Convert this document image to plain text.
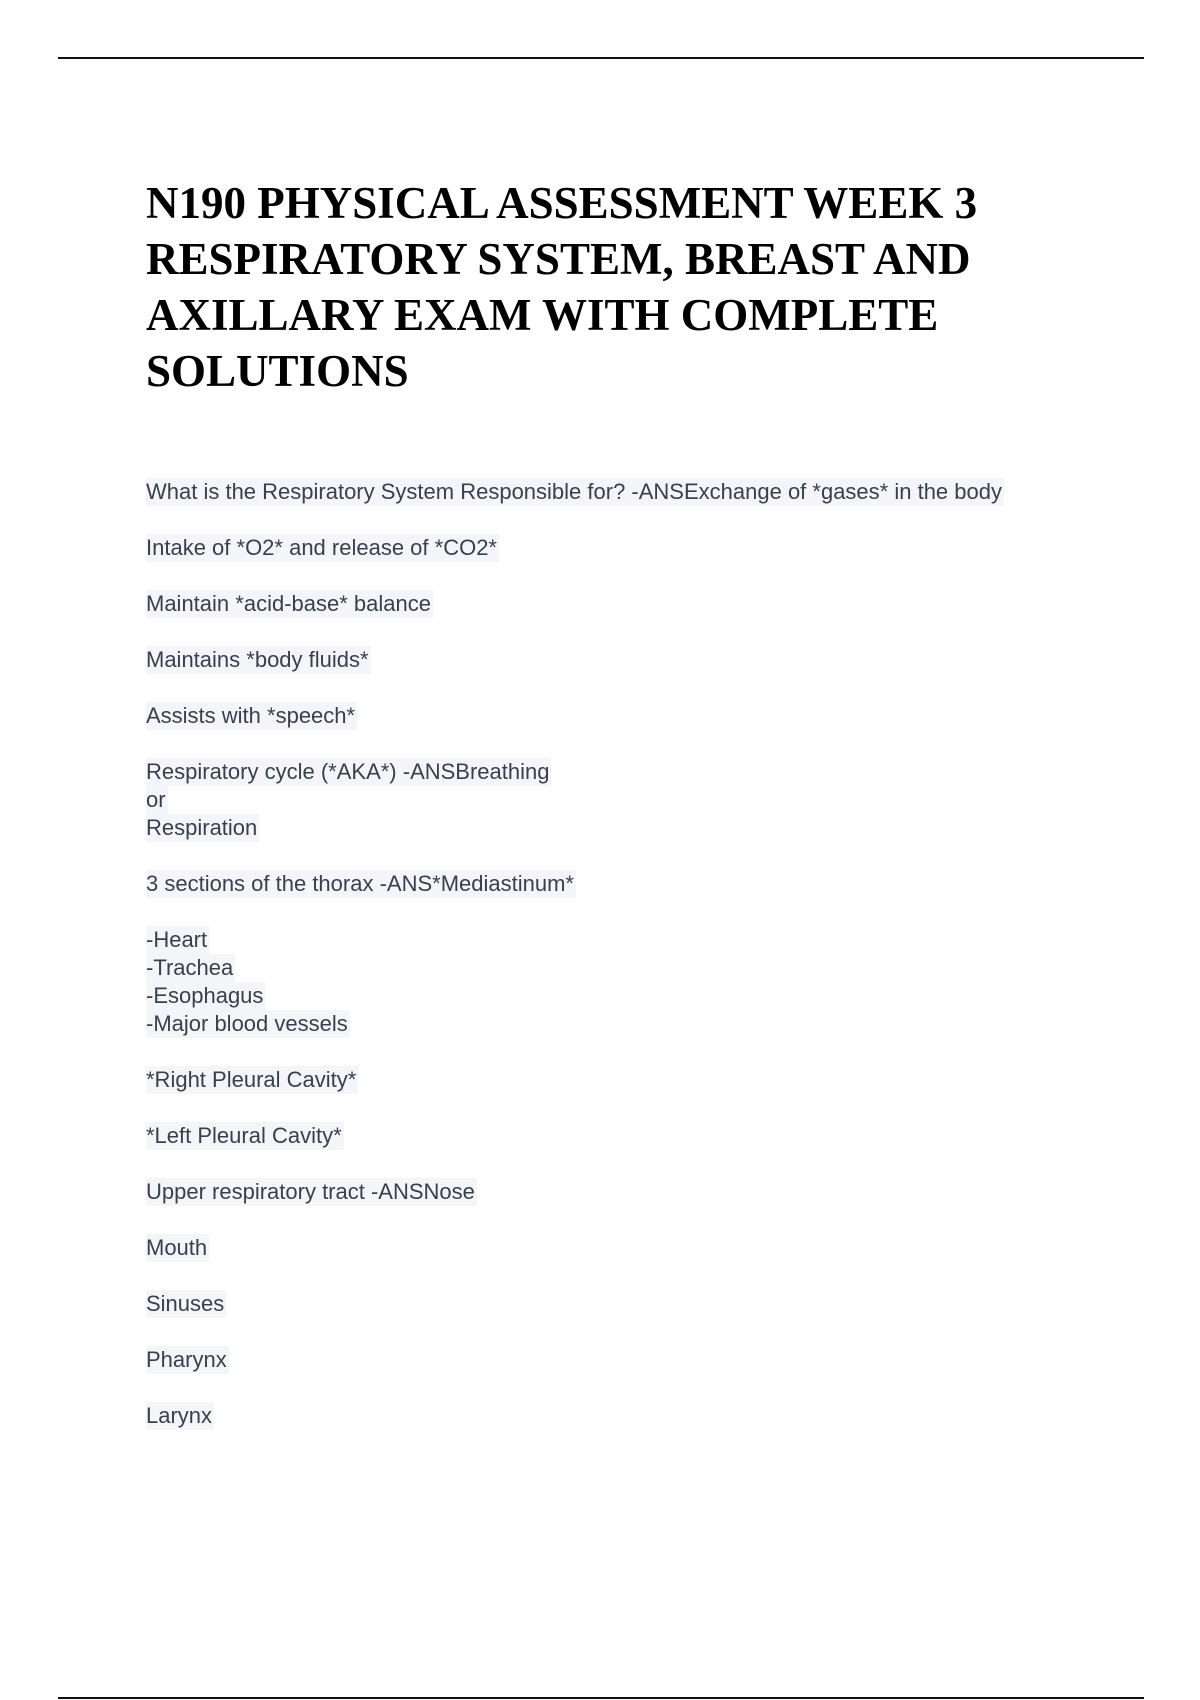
N190 PHYSICAL ASSESSMENT WEEK 3 RESPIRATORY SYSTEM, BREAST AND AXILLARY EXAM WITH COMPLETE SOLUTIONS
What is the Respiratory System Responsible for? -ANSExchange of *gases* in the body
Intake of *O2* and release of *CO2*
Maintain *acid-base* balance
Maintains *body fluids*
Assists with *speech*
Respiratory cycle (*AKA*) -ANSBreathing
or
Respiration
3 sections of the thorax -ANS*Mediastinum*
-Heart
-Trachea
-Esophagus
-Major blood vessels
*Right Pleural Cavity*
*Left Pleural Cavity*
Upper respiratory tract -ANSNose
Mouth
Sinuses
Pharynx
Larynx
